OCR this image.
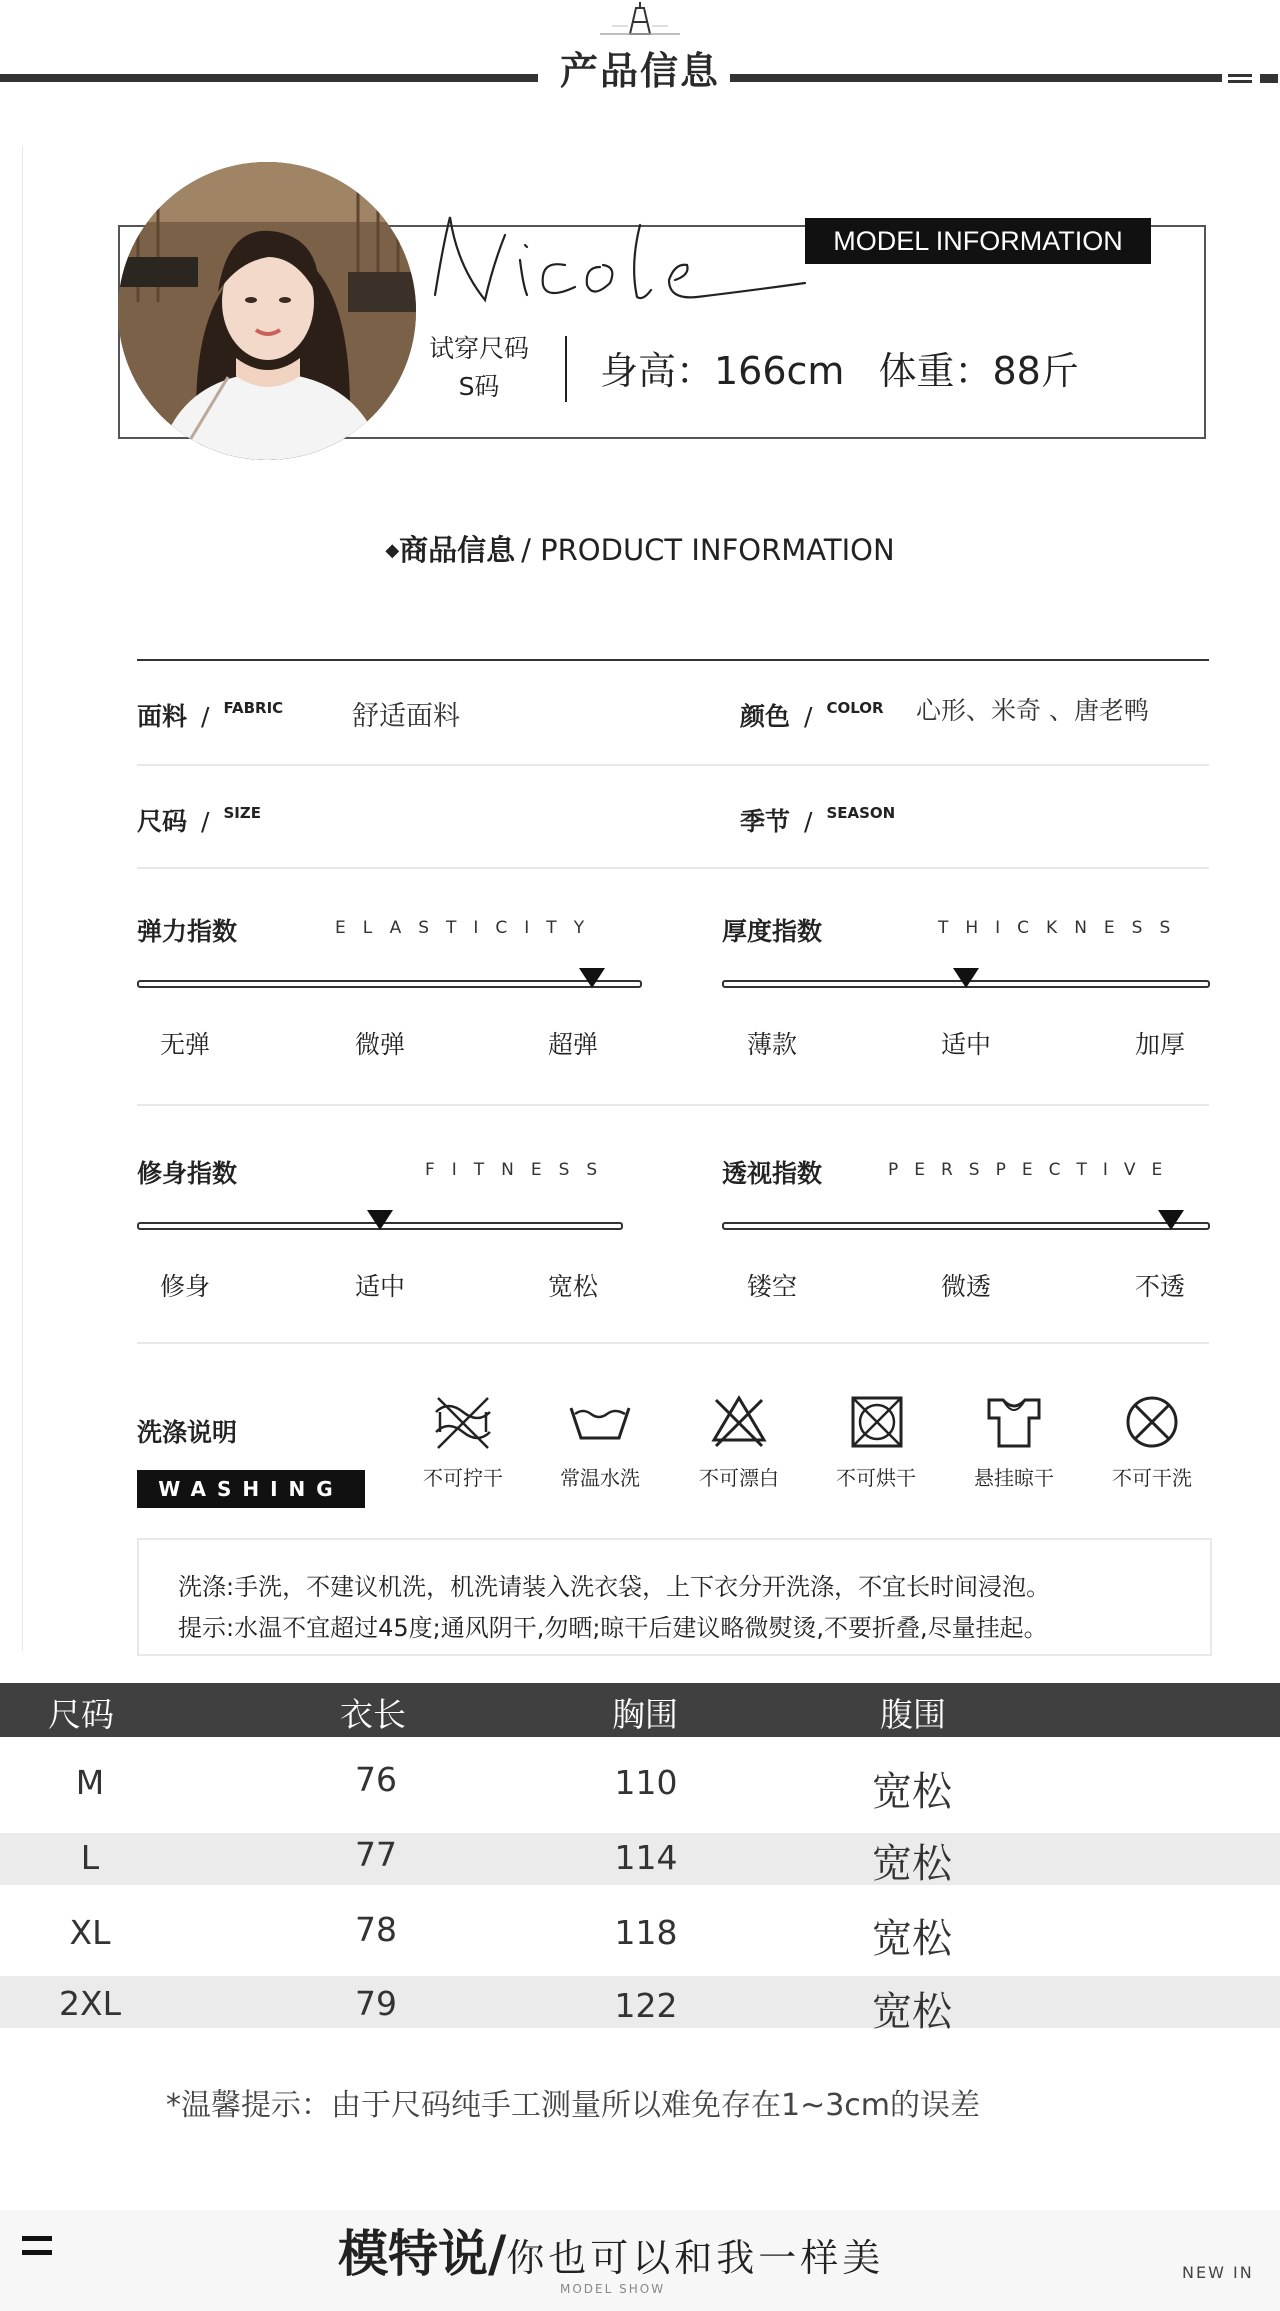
产品信息
MODEL INFORMATION
试穿尺码
S码	身高：166cm 体重：88斤
◆商品信息 / PRODUCT INFORMATION
面料 / $^{FABRIC}$	舒适面料	颜色 / $^{COLOR}$ 心形、米奇 、唐老鸭
尺码 / $^{SIZE}$	季节 / $^{SEASON}$
弹力指数	ELASTICITY
无弹	微弹	超弹
厚度指数	THICKNESS
薄款	适中	加厚
修身指数	FITNESS
修身	适中	宽松
透视指数	PERSPECTIVE
镂空	微透	不透
洗涤说明
WASHING	不可拧干	常温水洗	不可漂白	不可烘干	悬挂晾干	不可干洗
洗涤:手洗，不建议机洗，机洗请装入洗衣袋，上下衣分开洗涤，不宜长时间浸泡。
提示:水温不宜超过45度;通风阴干,勿晒;晾干后建议略微熨烫,不要折叠,尽量挂起。
尺码	衣长	胸围	腹围
M	76	110	宽松
L	77	114	宽松
XL	78	118	宽松
2XL	79	122	宽松
*温馨提示：由于尺码纯手工测量所以难免存在1~3cm的误差
模特说/你也可以和我一样美
MODEL SHOW
NEW IN
